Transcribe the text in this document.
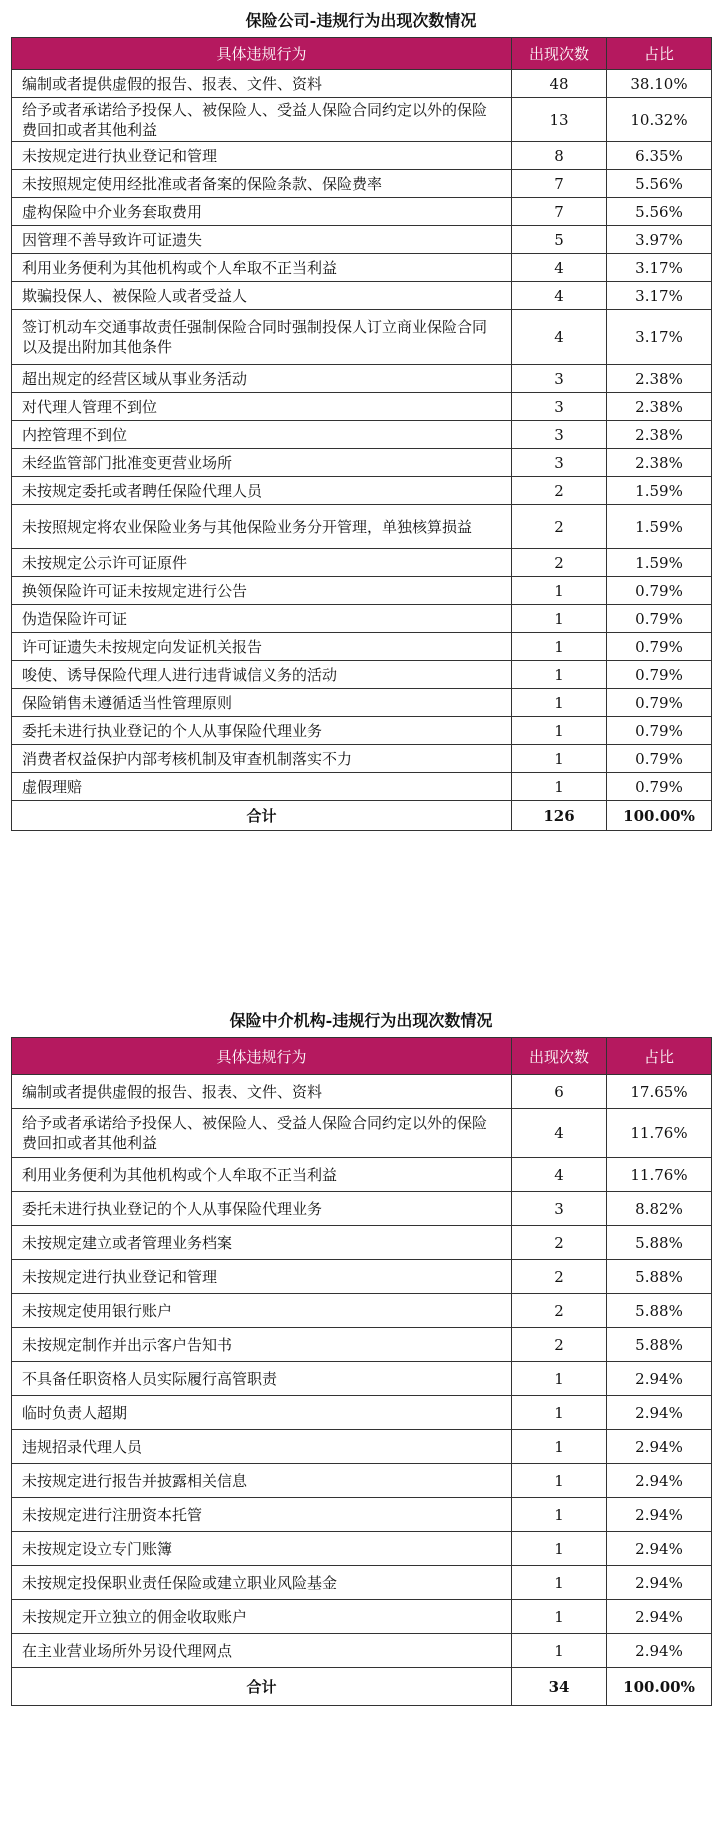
保险公司-违规行为出现次数情况
具体违规行为	出现次数	占比
编制或者提供虚假的报告、报表、文件、资料	48	38.10%
给予或者承诺给予投保人、被保险人、受益人保险合同约定以外的保险费回扣或者其他利益	13	10.32%
未按规定进行执业登记和管理	8	6.35%
未按照规定使用经批准或者备案的保险条款、保险费率	7	5.56%
虚构保险中介业务套取费用	7	5.56%
因管理不善导致许可证遗失	5	3.97%
利用业务便利为其他机构或个人牟取不正当利益	4	3.17%
欺骗投保人、被保险人或者受益人	4	3.17%
签订机动车交通事故责任强制保险合同时强制投保人订立商业保险合同以及提出附加其他条件	4	3.17%
超出规定的经营区域从事业务活动	3	2.38%
对代理人管理不到位	3	2.38%
内控管理不到位	3	2.38%
未经监管部门批准变更营业场所	3	2.38%
未按规定委托或者聘任保险代理人员	2	1.59%
未按照规定将农业保险业务与其他保险业务分开管理，单独核算损益	2	1.59%
未按规定公示许可证原件	2	1.59%
换领保险许可证未按规定进行公告	1	0.79%
伪造保险许可证	1	0.79%
许可证遗失未按规定向发证机关报告	1	0.79%
唆使、诱导保险代理人进行违背诚信义务的活动	1	0.79%
保险销售未遵循适当性管理原则	1	0.79%
委托未进行执业登记的个人从事保险代理业务	1	0.79%
消费者权益保护内部考核机制及审查机制落实不力	1	0.79%
虚假理赔	1	0.79%
合计	126	100.00%
保险中介机构-违规行为出现次数情况
具体违规行为	出现次数	占比
编制或者提供虚假的报告、报表、文件、资料	6	17.65%
给予或者承诺给予投保人、被保险人、受益人保险合同约定以外的保险费回扣或者其他利益	4	11.76%
利用业务便利为其他机构或个人牟取不正当利益	4	11.76%
委托未进行执业登记的个人从事保险代理业务	3	8.82%
未按规定建立或者管理业务档案	2	5.88%
未按规定进行执业登记和管理	2	5.88%
未按规定使用银行账户	2	5.88%
未按规定制作并出示客户告知书	2	5.88%
不具备任职资格人员实际履行高管职责	1	2.94%
临时负责人超期	1	2.94%
违规招录代理人员	1	2.94%
未按规定进行报告并披露相关信息	1	2.94%
未按规定进行注册资本托管	1	2.94%
未按规定设立专门账簿	1	2.94%
未按规定投保职业责任保险或建立职业风险基金	1	2.94%
未按规定开立独立的佣金收取账户	1	2.94%
在主业营业场所外另设代理网点	1	2.94%
合计	34	100.00%
